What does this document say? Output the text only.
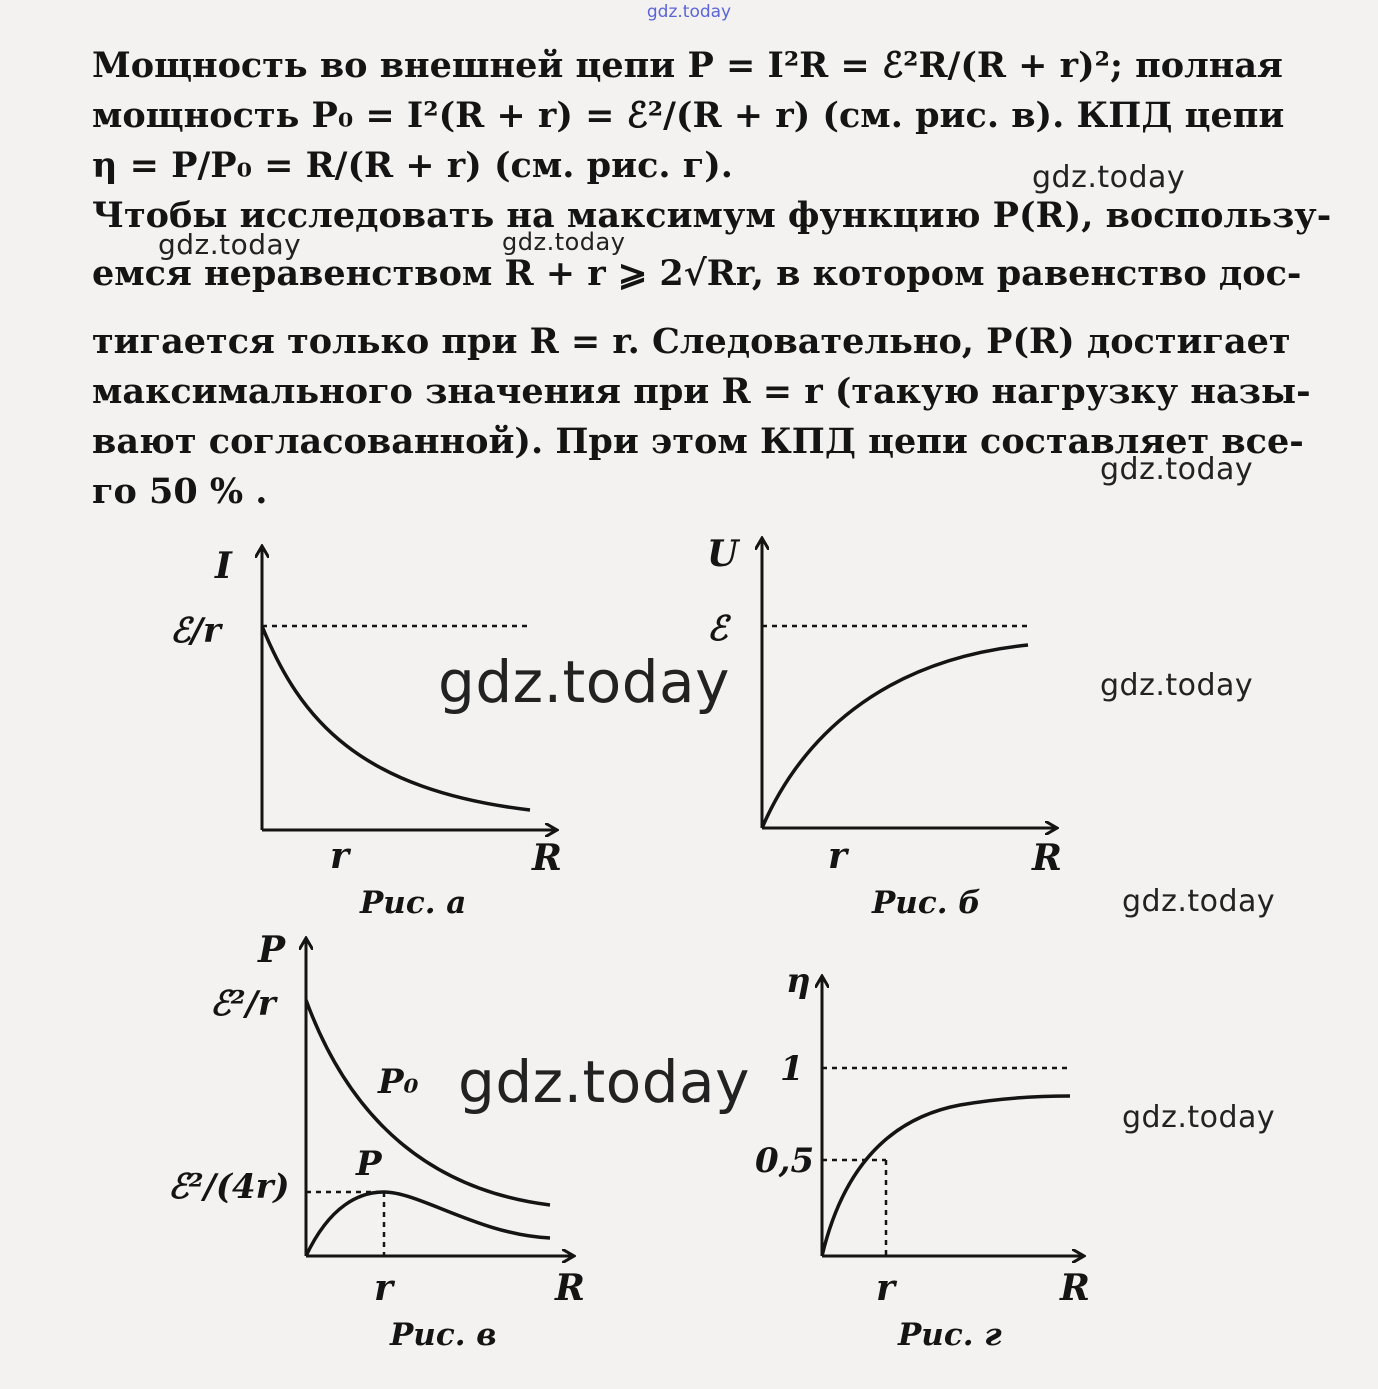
gdz.today
Мощность во внешней цепи P = I²R = ℰ²R/(R + r)²; полная
мощность P₀ = I²(R + r) = ℰ²/(R + r) (см. рис. в). КПД цепи
η = P/P₀ = R/(R + r) (см. рис. г).
Чтобы исследовать на максимум функцию P(R), воспользу-
емся неравенством R + r ⩾ 2√Rr, в котором равенство дос-
тигается только при R = r. Следовательно, P(R) достигает
максимального значения при R = r (такую нагрузку назы-
вают согласованной). При этом КПД цепи составляет все-
го 50 % .
I
ℰ/r
r	R
Рис. а
U
ℰ
r	R
Рис. б
P
ℰ²/r
ℰ²/(4r)
P₀
P
r	R
Рис. в
η
1
0,5
r	R
Рис. г
gdz.today
gdz.today	gdz.today
gdz.today
gdz.today	gdz.today
gdz.today
gdz.today
gdz.today
